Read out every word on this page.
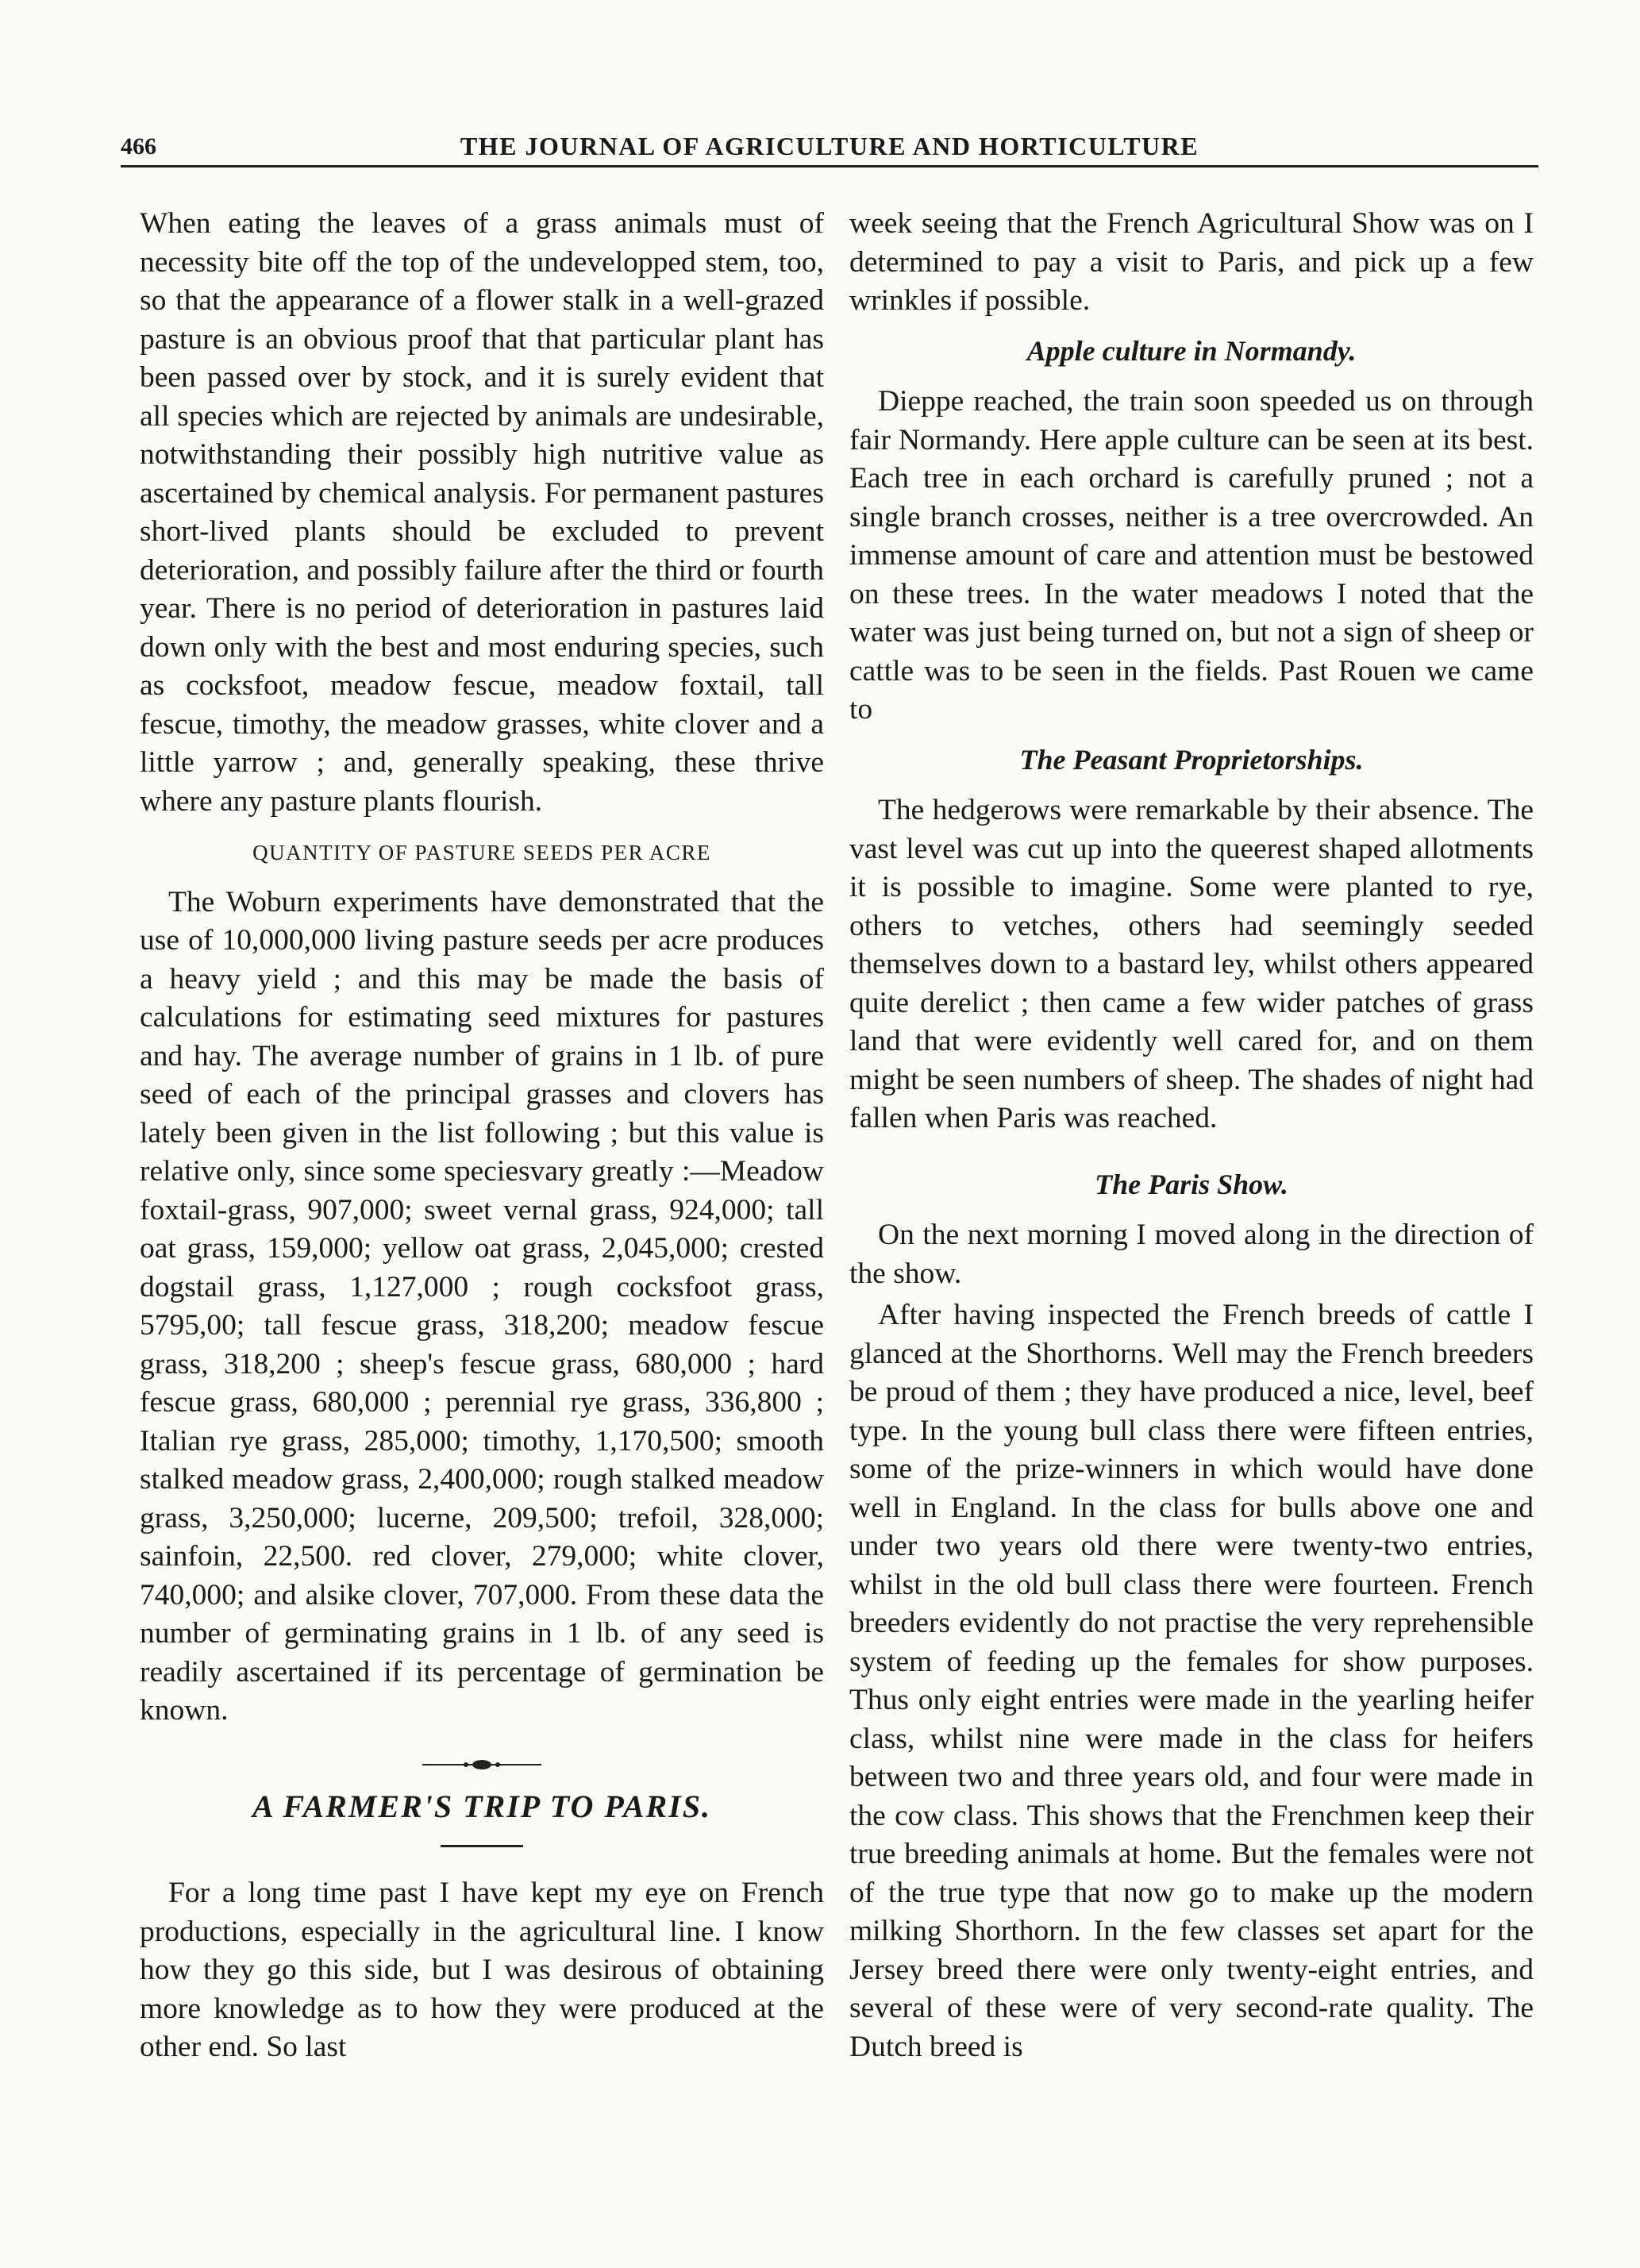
466	THE JOURNAL OF AGRICULTURE AND HORTICULTURE

When eating the leaves of a grass animals must of necessity bite off the top of the undevelopped stem, too, so that the appearance of a flower stalk in a well-grazed pasture is an obvious proof that that particular plant has been passed over by stock, and it is surely evident that all species which are rejected by animals are undesirable, notwithstanding their possibly high nutritive value as ascertained by chemical analysis. For permanent pastures short-lived plants should be excluded to prevent deterioration, and possibly failure after the third or fourth year. There is no period of deterioration in pastures laid down only with the best and most enduring species, such as cocksfoot, meadow fescue, meadow foxtail, tall fescue, timothy, the meadow grasses, white clover and a little yarrow ; and, generally speaking, these thrive where any pasture plants flourish.

QUANTITY OF PASTURE SEEDS PER ACRE

The Woburn experiments have demonstrated that the use of 10,000,000 living pasture seeds per acre produces a heavy yield ; and this may be made the basis of calculations for estimating seed mixtures for pastures and hay. The average number of grains in 1 lb. of pure seed of each of the principal grasses and clovers has lately been given in the list following ; but this value is relative only, since some speciesvary greatly :—Meadow foxtail-grass, 907,000; sweet vernal grass, 924,000; tall oat grass, 159,000; yellow oat grass, 2,045,000; crested dogstail grass, 1,127,000 ; rough cocksfoot grass, 5795,00; tall fescue grass, 318,200; meadow fescue grass, 318,200 ; sheep's fescue grass, 680,000 ; hard fescue grass, 680,000 ; perennial rye grass, 336,800 ; Italian rye grass, 285,000; timothy, 1,170,500; smooth stalked meadow grass, 2,400,000; rough stalked meadow grass, 3,250,000; lucerne, 209,500; trefoil, 328,000; sainfoin, 22,500. red clover, 279,000; white clover, 740,000; and alsike clover, 707,000. From these data the number of germinating grains in 1 lb. of any seed is readily ascertained if its percentage of germination be known.

A FARMER'S TRIP TO PARIS.

For a long time past I have kept my eye on French productions, especially in the agricultural line. I know how they go this side, but I was desirous of obtaining more knowledge as to how they were produced at the other end. So last

week seeing that the French Agricultural Show was on I determined to pay a visit to Paris, and pick up a few wrinkles if possible.

Apple culture in Normandy.

Dieppe reached, the train soon speeded us on through fair Normandy. Here apple culture can be seen at its best. Each tree in each orchard is carefully pruned ; not a single branch crosses, neither is a tree overcrowded. An immense amount of care and attention must be bestowed on these trees. In the water meadows I noted that the water was just being turned on, but not a sign of sheep or cattle was to be seen in the fields. Past Rouen we came to

The Peasant Proprietorships.

The hedgerows were remarkable by their absence. The vast level was cut up into the queerest shaped allotments it is possible to imagine. Some were planted to rye, others to vetches, others had seemingly seeded themselves down to a bastard ley, whilst others appeared quite derelict ; then came a few wider patches of grass land that were evidently well cared for, and on them might be seen numbers of sheep. The shades of night had fallen when Paris was reached.

The Paris Show.

On the next morning I moved along in the direction of the show.

After having inspected the French breeds of cattle I glanced at the Shorthorns. Well may the French breeders be proud of them ; they have produced a nice, level, beef type. In the young bull class there were fifteen entries, some of the prize-winners in which would have done well in England. In the class for bulls above one and under two years old there were twenty-two entries, whilst in the old bull class there were fourteen. French breeders evidently do not practise the very reprehensible system of feeding up the females for show purposes. Thus only eight entries were made in the yearling heifer class, whilst nine were made in the class for heifers between two and three years old, and four were made in the cow class. This shows that the Frenchmen keep their true breeding animals at home. But the females were not of the true type that now go to make up the modern milking Shorthorn. In the few classes set apart for the Jersey breed there were only twenty-eight entries, and several of these were of very second-rate quality. The Dutch breed is
